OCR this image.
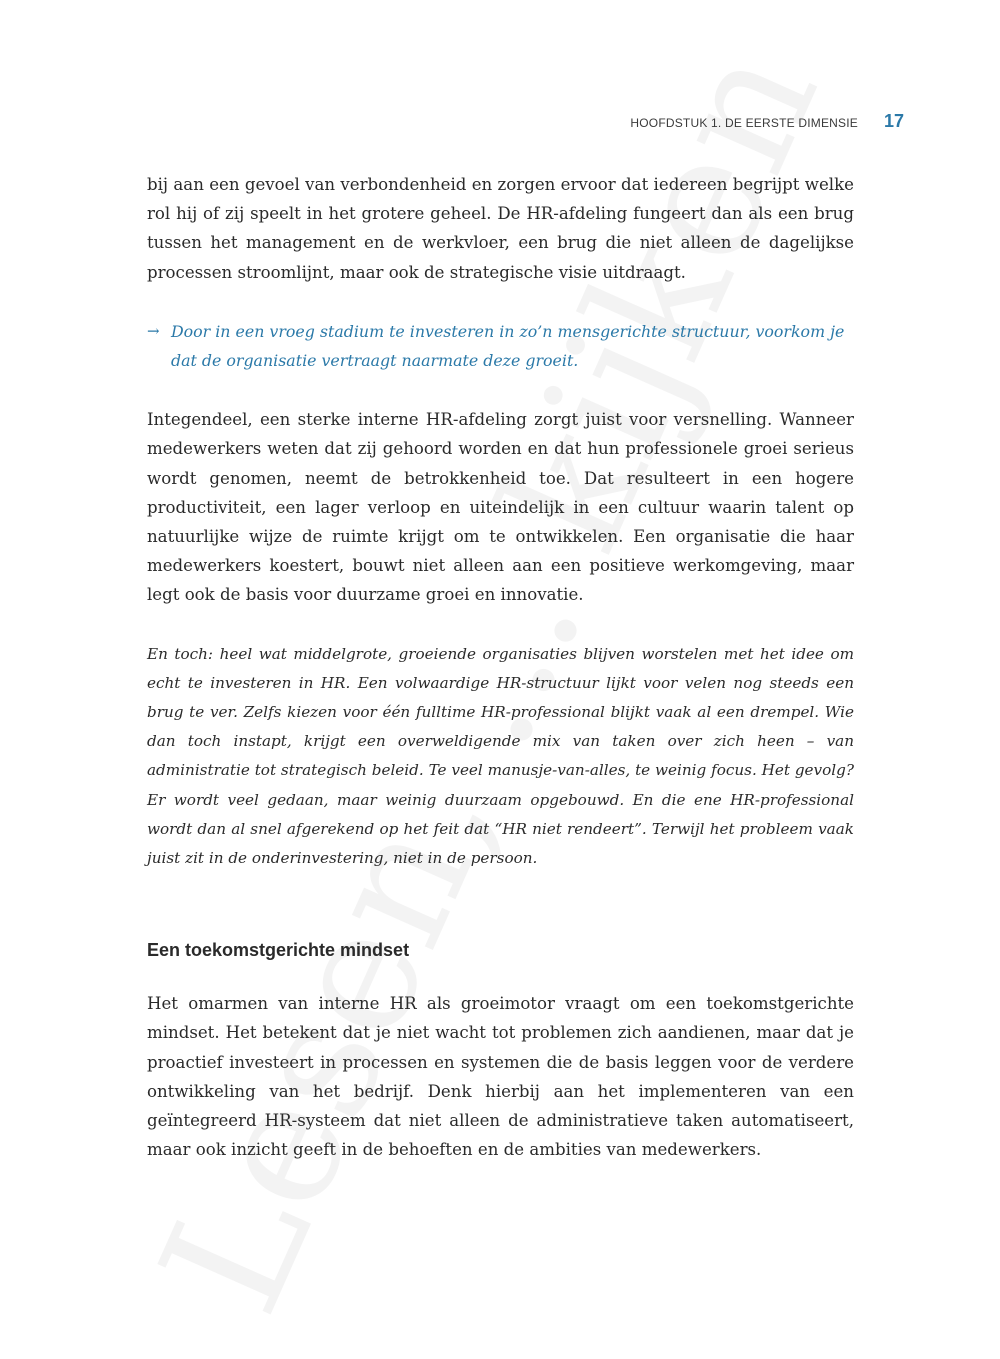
HOOFDSTUK 1. DE EERSTE DIMENSIE 17

bij aan een gevoel van verbondenheid en zorgen ervoor dat iedereen begrijpt welke rol hij of zij speelt in het grotere geheel. De HR-afdeling fungeert dan als een brug tussen het management en de werkvloer, een brug die niet alleen de dagelijkse processen stroomlijnt, maar ook de strategische visie uitdraagt.

→ Door in een vroeg stadium te investeren in zo’n mensgerichte structuur, voorkom je dat de organisatie vertraagt naarmate deze groeit.

Integendeel, een sterke interne HR-afdeling zorgt juist voor versnelling. Wanneer medewerkers weten dat zij gehoord worden en dat hun professionele groei serieus wordt genomen, neemt de betrokkenheid toe. Dat resulteert in een hogere productiviteit, een lager verloop en uiteindelijk in een cultuur waarin talent op natuurlijke wijze de ruimte krijgt om te ontwikkelen. Een organisatie die haar medewerkers koestert, bouwt niet alleen aan een positieve werkomgeving, maar legt ook de basis voor duurzame groei en innovatie.

En toch: heel wat middelgrote, groeiende organisaties blijven worstelen met het idee om echt te investeren in HR. Een volwaardige HR-structuur lijkt voor velen nog steeds een brug te ver. Zelfs kiezen voor één fulltime HR-professional blijkt vaak al een drempel. Wie dan toch instapt, krijgt een overweldigende mix van taken over zich heen – van administratie tot strategisch beleid. Te veel manusje-van-alles, te weinig focus. Het gevolg? Er wordt veel gedaan, maar weinig duurzaam opgebouwd. En die ene HR-professional wordt dan al snel afgerekend op het feit dat “HR niet rendeert”. Terwijl het probleem vaak juist zit in de onderinvestering, niet in de persoon.

Een toekomstgerichte mindset

Het omarmen van interne HR als groeimotor vraagt om een toekomstgerichte mindset. Het betekent dat je niet wacht tot problemen zich aandienen, maar dat je proactief investeert in processen en systemen die de basis leggen voor de verdere ontwikkeling van het bedrijf. Denk hierbij aan het implementeren van een geïntegreerd HR-systeem dat niet alleen de administratieve taken automatiseert, maar ook inzicht geeft in de behoeften en de ambities van medewerkers.
